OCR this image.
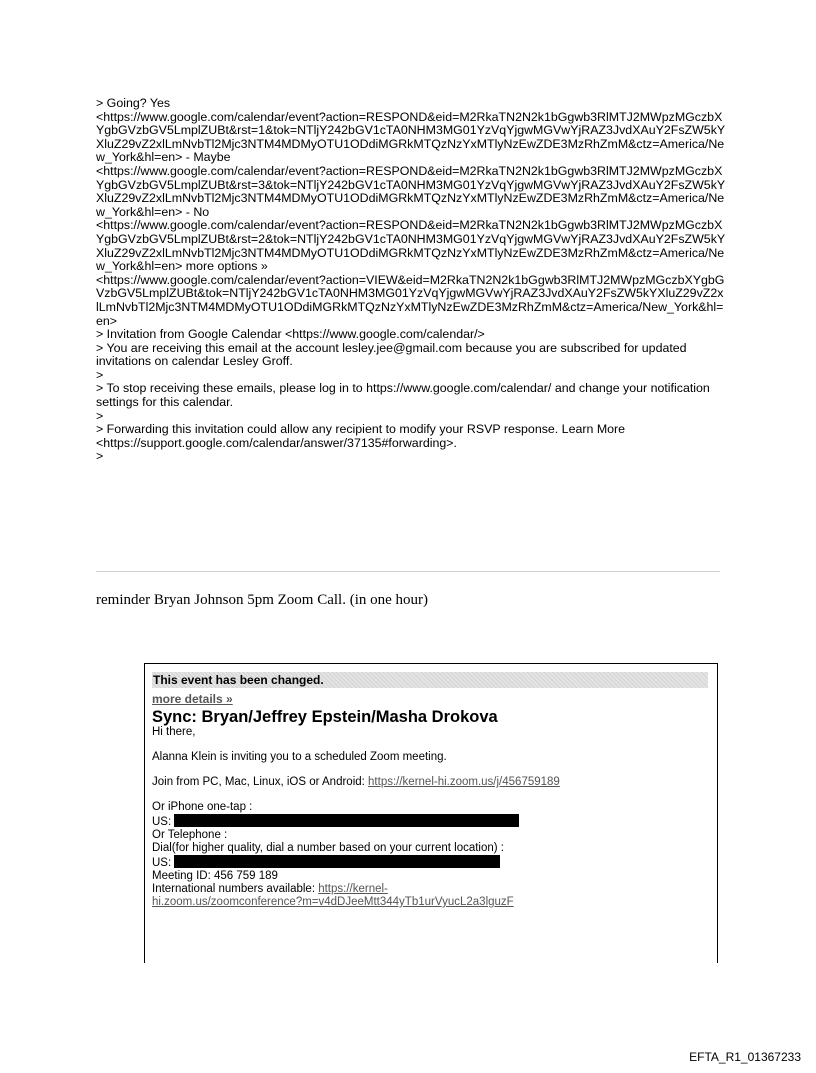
> Going? Yes
<https://www.google.com/calendar/event?action=RESPOND&eid=M2RkaTN2N2k1bGgwb3RlMTJ2MWpzMGczbXYgbGVzbGV5LmplZUBt&rst=1&tok=NTljY242bGV1cTA0NHM3MG01YzVqYjgwMGVwYjRAZ3JvdXAuY2FsZW5kYXluZ29vZ2xlLmNvbTl2Mjc3NTM4MDMyOTU1ODdiMGRkMTQzNzYxMTlyNzEwZDE3MzRhZmM&ctz=America/New_York&hl=en> - Maybe
<https://www.google.com/calendar/event?action=RESPOND&eid=M2RkaTN2N2k1bGgwb3RlMTJ2MWpzMGczbXYgbGVzbGV5LmplZUBt&rst=3&tok=NTljY242bGV1cTA0NHM3MG01YzVqYjgwMGVwYjRAZ3JvdXAuY2FsZW5kYXluZ29vZ2xlLmNvbTl2Mjc3NTM4MDMyOTU1ODdiMGRkMTQzNzYxMTlyNzEwZDE3MzRhZmM&ctz=America/New_York&hl=en> - No
<https://www.google.com/calendar/event?action=RESPOND&eid=M2RkaTN2N2k1bGgwb3RlMTJ2MWpzMGczbXYgbGVzbGV5LmplZUBt&rst=2&tok=NTljY242bGV1cTA0NHM3MG01YzVqYjgwMGVwYjRAZ3JvdXAuY2FsZW5kYXluZ29vZ2xlLmNvbTl2Mjc3NTM4MDMyOTU1ODdiMGRkMTQzNzYxMTlyNzEwZDE3MzRhZmM&ctz=America/New_York&hl=en> more options »
<https://www.google.com/calendar/event?action=VIEW&eid=M2RkaTN2N2k1bGgwb3RlMTJ2MWpzMGczbXYgbGVzbGV5LmplZUBt&tok=NTljY242bGV1cTA0NHM3MG01YzVqYjgwMGVwYjRAZ3JvdXAuY2FsZW5kYXluZ29vZ2xlLmNvbTl2Mjc3NTM4MDMyOTU1ODdiMGRkMTQzNzYxMTlyNzEwZDE3MzRhZmM&ctz=America/New_York&hl=en>
> Invitation from Google Calendar <https://www.google.com/calendar/>
> You are receiving this email at the account lesley.jee@gmail.com because you are subscribed for updated invitations on calendar Lesley Groff.
>
> To stop receiving these emails, please log in to https://www.google.com/calendar/ and change your notification settings for this calendar.
>
> Forwarding this invitation could allow any recipient to modify your RSVP response. Learn More <https://support.google.com/calendar/answer/37135#forwarding>.
>
reminder Bryan Johnson 5pm Zoom Call. (in one hour)
This event has been changed.
more details »
Sync: Bryan/Jeffrey Epstein/Masha Drokova
Hi there,
Alanna Klein is inviting you to a scheduled Zoom meeting.
Join from PC, Mac, Linux, iOS or Android: https://kernel-hi.zoom.us/j/456759189
Or iPhone one-tap :
US:
Or Telephone :
Dial(for higher quality, dial a number based on your current location) :
US:
Meeting ID: 456 759 189
International numbers available: https://kernel-
hi.zoom.us/zoomconference?m=v4dDJeeMtt344yTb1urVyucL2a3lguzF
EFTA_R1_01367233
